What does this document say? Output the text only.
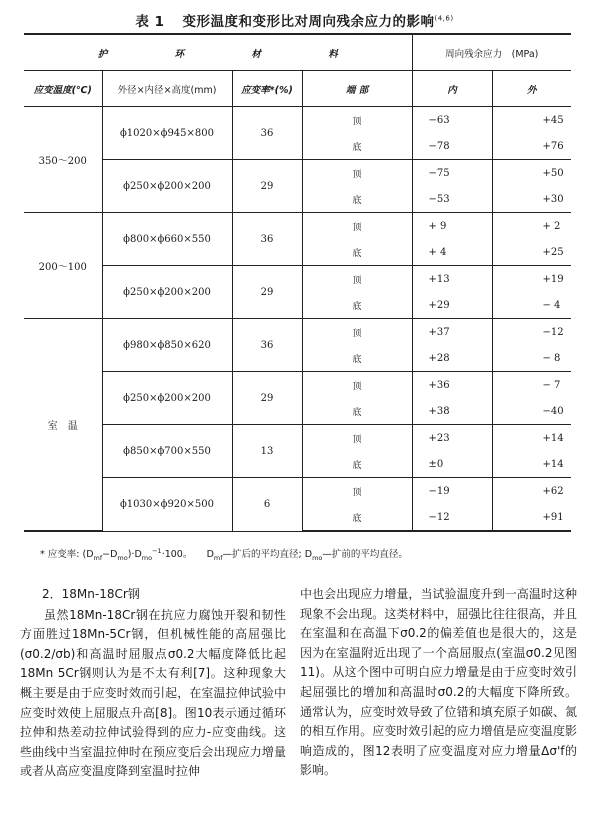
表 1 变形温度和变形比对周向残余应力的影响$^{(4,6)}$
护 环 材 料				周向残余应力　(MPa)	
应变温度(℃)	外径×内径×高度(mm)	应变率*(%)	端 部	内	外
350～200	ϕ1020×ϕ945×800	36	顶	−63	+45
			底	−78	+76
	ϕ250×ϕ200×200	29	顶	−75	+50
			底	−53	+30
200～100	ϕ800×ϕ660×550	36	顶	+ 9	+ 2
			底	+ 4	+25
	ϕ250×ϕ200×200	29	顶	+13	+19
			底	+29	− 4
室　温	ϕ980×ϕ850×620	36	顶	+37	−12
			底	+28	− 8
	ϕ250×ϕ200×200	29	顶	+36	− 7
			底	+38	−40
	ϕ850×ϕ700×550	13	顶	+23	+14
			底	±0	+14
	ϕ1030×ϕ920×500	6	顶	−19	+62
			底	−12	+91
* 应变率: $(D_{mf}-D_{mo})\cdot D_{mo}^{-1}\cdot 100$。　　$D_{mf}—$扩后的平均直径; $D_{mo}—$扩前的平均直径。
2．18Mn-18Cr钢

虽然18Mn-18Cr钢在抗应力腐蚀开裂和韧性方面胜过18Mn-5Cr钢，但机械性能的高屈强比(σ0.2/σb)和高温时屈服点σ0.2大幅度降低比起18Mn 5Cr钢则认为是不太有利[7]。这种现象大概主要是由于应变时效而引起，在室温拉伸试验中应变时效使上屈服点升高[8]。图10表示通过循环拉伸和热差动拉伸试验得到的应力-应变曲线。这些曲线中当室温拉伸时在预应变后会出现应力增量或者从高应变温度降到室温时拉伸

中也会出现应力增量，当试验温度升到一高温时这种现象不会出现。这类材料中，屈强比往往很高，并且在室温和在高温下σ0.2的偏差值也是很大的，这是因为在室温附近出现了一个高屈服点(室温σ0.2见图11)。从这个图中可明白应力增量是由于应变时效引起屈强比的增加和高温时σ0.2的大幅度下降所致。通常认为，应变时效导致了位错和填充原子如碳、氮的相互作用。应变时效引起的应力增值是应变温度影响造成的，图12表明了应变温度对应力增量Δσ'f的影响。
